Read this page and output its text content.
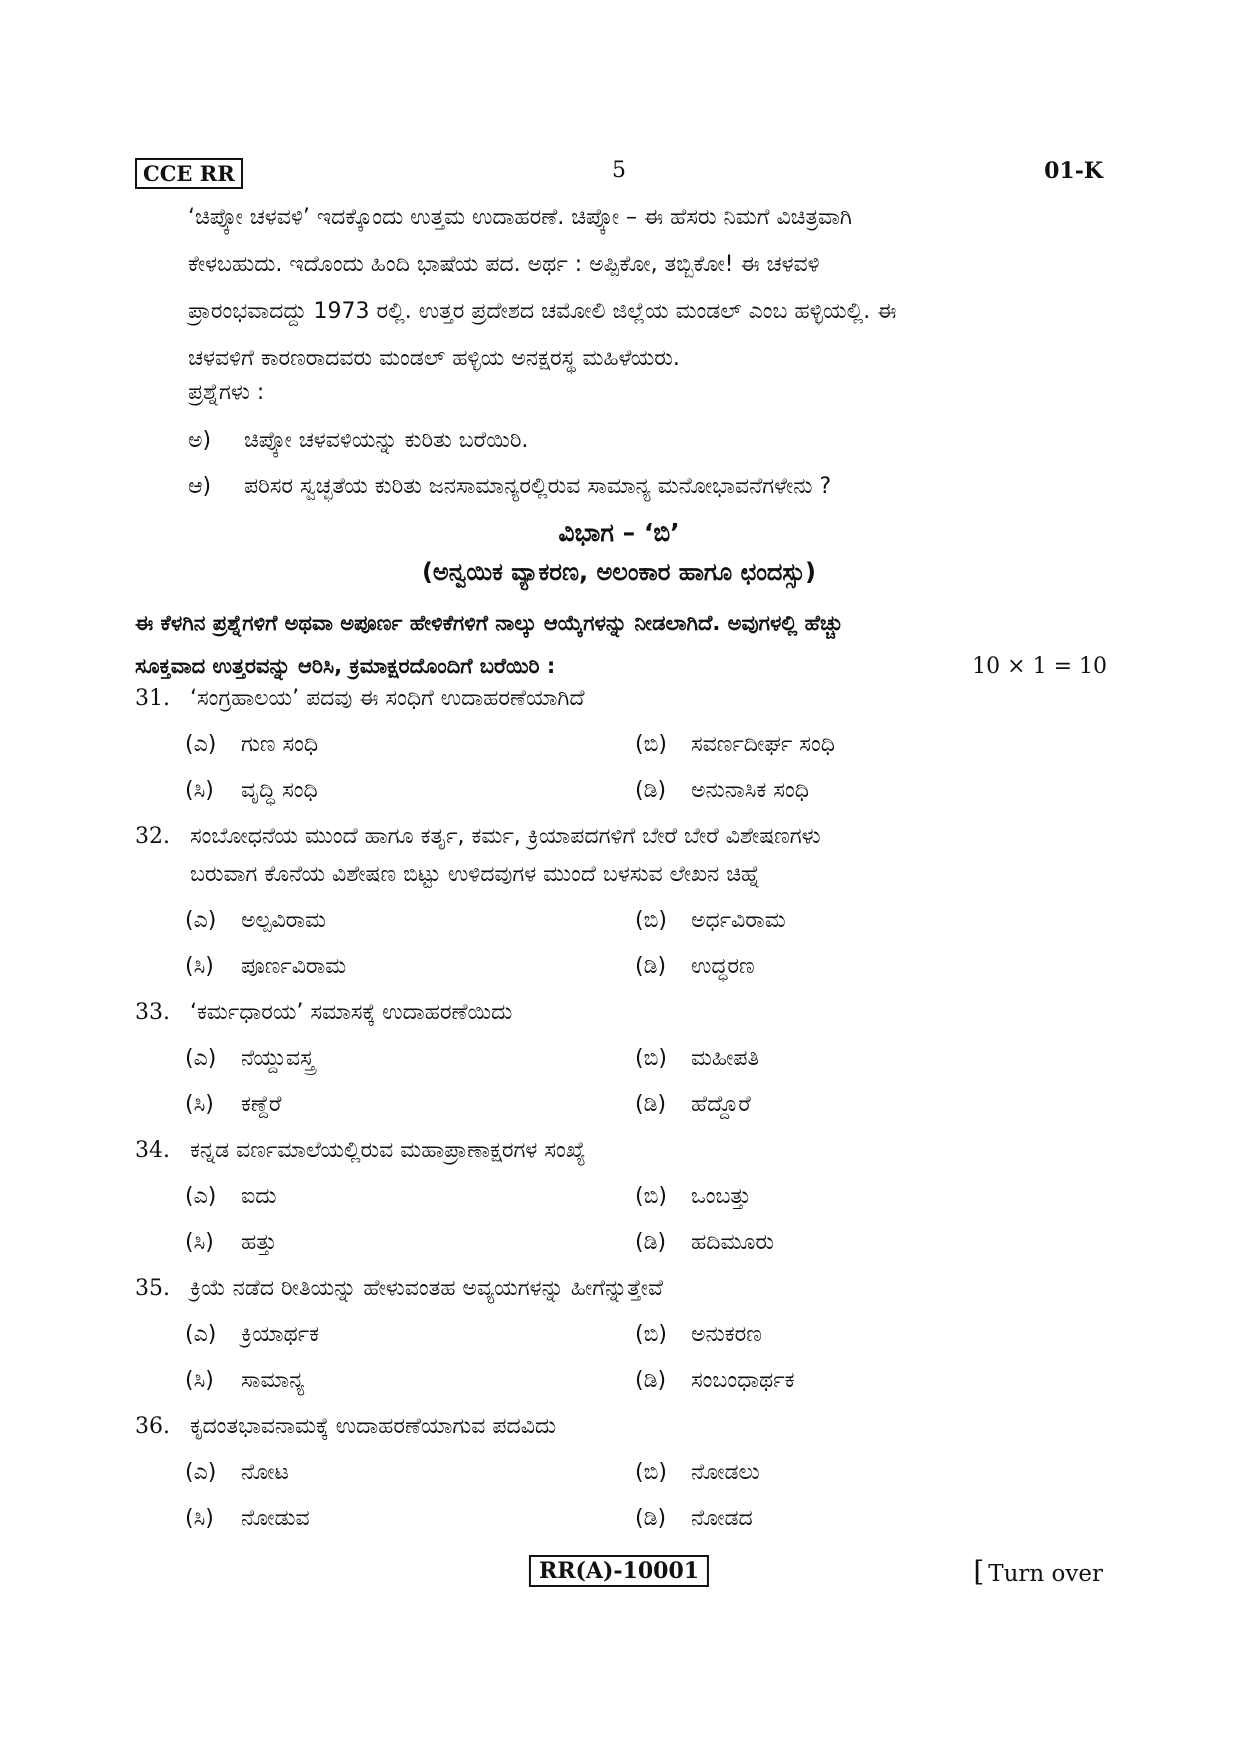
CCE RR	5	01-K
‘ಚಿಪ್ಕೋ ಚಳವಳಿ’ ಇದಕ್ಕೊಂದು ಉತ್ತಮ ಉದಾಹರಣೆ. ಚಿಪ್ಕೋ – ಈ ಹೆಸರು ನಿಮಗೆ ವಿಚಿತ್ರವಾಗಿ
ಕೇಳಬಹುದು. ಇದೊಂದು ಹಿಂದಿ ಭಾಷೆಯ ಪದ. ಅರ್ಥ : ಅಪ್ಪಿಕೋ, ತಬ್ಬಿಕೋ! ಈ ಚಳವಳಿ
ಪ್ರಾರಂಭವಾದದ್ದು 1973 ರಲ್ಲಿ. ಉತ್ತರ ಪ್ರದೇಶದ ಚಮೋಲಿ ಜಿಲ್ಲೆಯ ಮಂಡಲ್ ಎಂಬ ಹಳ್ಳಿಯಲ್ಲಿ. ಈ
ಚಳವಳಿಗೆ ಕಾರಣರಾದವರು ಮಂಡಲ್ ಹಳ್ಳಿಯ ಅನಕ್ಷರಸ್ಥ ಮಹಿಳೆಯರು.
ಪ್ರಶ್ನೆಗಳು :
ಅ) ಚಿಪ್ಕೋ ಚಳವಳಿಯನ್ನು ಕುರಿತು ಬರೆಯಿರಿ.
ಆ) ಪರಿಸರ ಸ್ವಚ್ಛತೆಯ ಕುರಿತು ಜನಸಾಮಾನ್ಯರಲ್ಲಿರುವ ಸಾಮಾನ್ಯ ಮನೋಭಾವನೆಗಳೇನು ?
ವಿಭಾಗ – ‘ಬಿ’
(ಅನ್ವಯಿಕ ವ್ಯಾಕರಣ, ಅಲಂಕಾರ ಹಾಗೂ ಛಂದಸ್ಸು)
ಈ ಕೆಳಗಿನ ಪ್ರಶ್ನೆಗಳಿಗೆ ಅಥವಾ ಅಪೂರ್ಣ ಹೇಳಿಕೆಗಳಿಗೆ ನಾಲ್ಕು ಆಯ್ಕೆಗಳನ್ನು ನೀಡಲಾಗಿದೆ. ಅವುಗಳಲ್ಲಿ ಹೆಚ್ಚು
ಸೂಕ್ತವಾದ ಉತ್ತರವನ್ನು ಆರಿಸಿ, ಕ್ರಮಾಕ್ಷರದೊಂದಿಗೆ ಬರೆಯಿರಿ :	10 × 1 = 10
31. ‘ಸಂಗ್ರಹಾಲಯ’ ಪದವು ಈ ಸಂಧಿಗೆ ಉದಾಹರಣೆಯಾಗಿದೆ
(ಎ) ಗುಣ ಸಂಧಿ	(ಬಿ) ಸವರ್ಣದೀರ್ಘ ಸಂಧಿ
(ಸಿ) ವೃದ್ಧಿ ಸಂಧಿ	(ಡಿ) ಅನುನಾಸಿಕ ಸಂಧಿ
32. ಸಂಬೋಧನೆಯ ಮುಂದೆ ಹಾಗೂ ಕರ್ತೃ, ಕರ್ಮ, ಕ್ರಿಯಾಪದಗಳಿಗೆ ಬೇರೆ ಬೇರೆ ವಿಶೇಷಣಗಳು
ಬರುವಾಗ ಕೊನೆಯ ವಿಶೇಷಣ ಬಿಟ್ಟು ಉಳಿದವುಗಳ ಮುಂದೆ ಬಳಸುವ ಲೇಖನ ಚಿಹ್ನೆ
(ಎ) ಅಲ್ಪವಿರಾಮ	(ಬಿ) ಅರ್ಧವಿರಾಮ
(ಸಿ) ಪೂರ್ಣವಿರಾಮ	(ಡಿ) ಉದ್ಧರಣ
33. ‘ಕರ್ಮಧಾರಯ’ ಸಮಾಸಕ್ಕೆ ಉದಾಹರಣೆಯಿದು
(ಎ) ನೆಯ್ದುವಸ್ತ್ರ	(ಬಿ) ಮಹೀಪತಿ
(ಸಿ) ಕಣ್ದೆರೆ	(ಡಿ) ಹೆದ್ದೊರೆ
34. ಕನ್ನಡ ವರ್ಣಮಾಲೆಯಲ್ಲಿರುವ ಮಹಾಪ್ರಾಣಾಕ್ಷರಗಳ ಸಂಖ್ಯೆ
(ಎ) ಐದು	(ಬಿ) ಒಂಬತ್ತು
(ಸಿ) ಹತ್ತು	(ಡಿ) ಹದಿಮೂರು
35. ಕ್ರಿಯೆ ನಡೆದ ರೀತಿಯನ್ನು ಹೇಳುವಂತಹ ಅವ್ಯಯಗಳನ್ನು ಹೀಗೆನ್ನುತ್ತೇವೆ
(ಎ) ಕ್ರಿಯಾರ್ಥಕ	(ಬಿ) ಅನುಕರಣ
(ಸಿ) ಸಾಮಾನ್ಯ	(ಡಿ) ಸಂಬಂಧಾರ್ಥಕ
36. ಕೃದಂತಭಾವನಾಮಕ್ಕೆ ಉದಾಹರಣೆಯಾಗುವ ಪದವಿದು
(ಎ) ನೋಟ	(ಬಿ) ನೋಡಲು
(ಸಿ) ನೋಡುವ	(ಡಿ) ನೋಡದ
RR(A)-10001	[ Turn over
